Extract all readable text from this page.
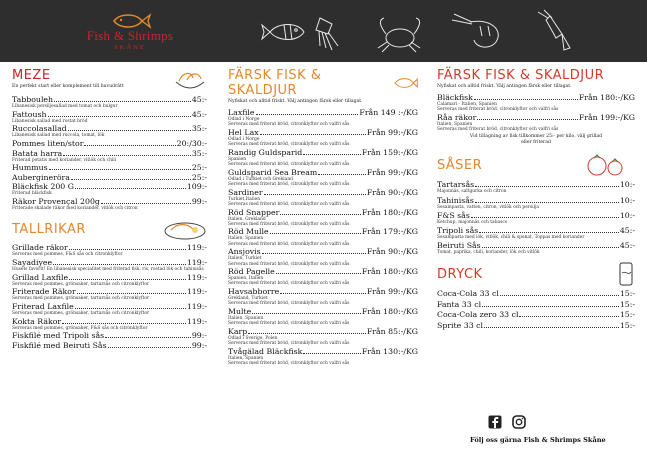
Fish & Shrimps
SKÅNE
MEZE
En perfekt start eller komplement till huvudrätt
Tabbouleh	45:-
Libanesisk persiljesallad med tomat och bulgur
Fattoush	45:-
Libanesisk sallad med rostat bröd
Ruccolasallad	35:-
Libanesisk sallad med ruccola, tomat, lök
Pommes liten/stor	20:/30:-
Batata harra	35:-
Friterad potatis med koriander, vitlök och chili
Hummus	25:-
Auberginerörа	25:-
Bläckfisk 200 G	109:-
Friterad bläckfisk
Räkor Provençal 200g	99:-
Friterade skalade räkor med koriander, vitlök och citron
TALLRIKAR
Grillade räkor	119:-
Serveras med pommes, F&S sås och citronklyftor
Sayadiyee	119:-
Husets favorit! En libanesisk specialitet med friterad fisk, ris, rostad lök och tahinisås
Grillad Laxfile	119:-
Serveras med pommes, grönsaker, tartarsås och citronklyftor
Friterade Räkor	119:-
Serveras med pommes, grönsaker, tartarsås och citronklyftor
Friterad Laxfile	119:-
Serveras med pommes, grönsaker, tartarsås och citronklyftor
Kokta Räkor	119:-
Serveras med pommes, grönsaker, F&S sås och citronklyftor
Fiskfilé med Tripoli sås	99:-
Fiskfilé med Beiruti Sås	99:-
FÄRSK FISK & SKALDJUR
Nyfiskat och alltid friskt. Välj antingen färsk eller tillagat.
Laxfile	Från 149 :-/KG
Odlad i Norge
Serveras med friterat bröd, citronklyftor och valfri sås
Hel Lax	Från 99:-/KG
Odlad i Norge
Serveras med friterat bröd, citronklyftor och valfri sås
Randig Guldsparid	Från 159:-/KG
Spanien
Serveras med friterat bröd, citronklyftor och valfri sås
Guldsparid Sea Bream	Från 99:-/KG
Odlad i Turkiet och Grekland
Serveras med friterat bröd, citronklyftor och valfri sås
Sardiner	Från 90:-/KG
Turkiet,Italien
Serveras med friterat bröd, citronklyftor och valfri sås
Röd Snapper	Från 180:-/KG
Italien, Grekland
Serveras med friterat bröd, citronklyftor och valfri sås
Röd Mulle	Från 179:-/KG
Italien, Spanien
Serveras med friterat bröd, citronklyftor och valfri sås
Ansjovis	Från 90:-/KG
Italien, Turkiet
Serveras med friterat bröd, citronklyftor och valfri sås
Röd Pagelle	Från 180:-/KG
Spanien, Italien
Serveras med friterat bröd, citronklyftor och valfri sås
Havsabborre	Från 99:-/KG
Grekland, Turkiet
Serveras med friterat bröd, citronklyftor och valfri sås
Multe	Från 180:-/KG
Italien, Spanien
Serveras med friterat bröd, citronklyftor och valfri sås
Karp	Från 85:-/KG
Odlad i Sverige, Polen
Serveras med friterat bröd, citronklyftor och valfri sås
Tvågälad Bläckfisk	Från 130:-/KG
Italien, Spanien
Serveras med friterat bröd, citronklyftor och valfri sås
FÄRSK FISK & SKALDJUR
Nyfiskat och alltid friskt. Välj antingen färsk eller tillagat.
Bläckfisk	Från 180:-/KG
Calamari - Italien, Spanien
Serveras med friterat bröd, citronklyftor och valfri sås
Råa räkor	Från 199:-/KG
Italien, Spanien
Serveras med friterat bröd, citronklyftor och valfri sås
Vid tillagning av fisk tillkommer 25:- per kilo, välj grillad eller friterad
SÅSER
Tartarsås	10:-
Majonnäs, saltgurka och citron
Tahinisås	10:-
Sesampasta, vatten, citron, vitlök och persilja
F&S sås	10:-
Ketchup, majonnäs och tabasco
Tripoli sås	45:-
Sesampasta med lök, vitlök, chili & spenat, Toppas med koriander
Beiruti Sås	45:-
Tomat, paprika, chili, koriander, lök och vitlök
DRYCK
Coca-Cola 33 cl	15:-
Fanta 33 cl	15:-
Coca-Cola zero 33 cl	15:-
Sprite 33 cl	15:-
Följ oss gärna Fish & Shrimps Skåne
